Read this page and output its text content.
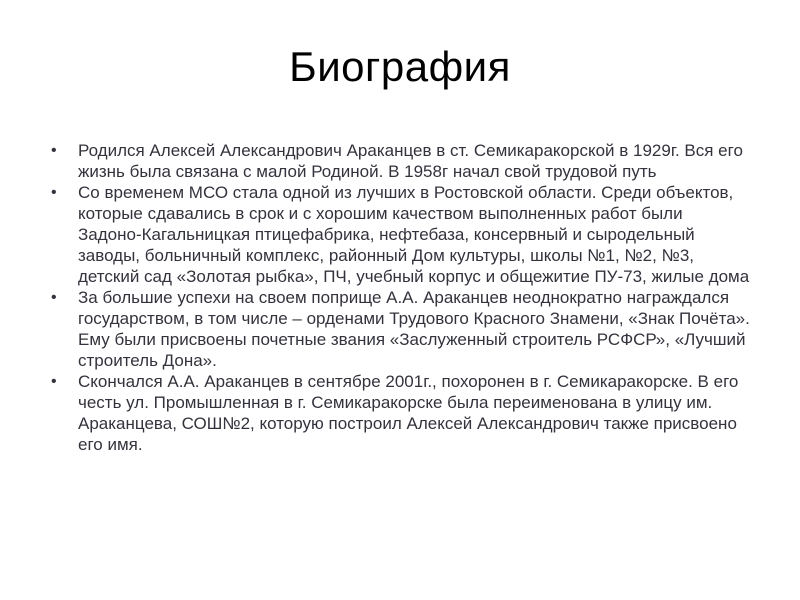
Биография
•	Родился Алексей Александрович Араканцев в ст. Семикаракорской в 1929г. Вся его жизнь была связана с малой Родиной. В 1958г начал свой трудовой путь
•	Со временем МСО стала одной из лучших в Ростовской области. Среди объектов, которые сдавались в срок и с хорошим качеством выполненных работ были Задоно-Кагальницкая птицефабрика, нефтебаза, консервный и сыродельный заводы, больничный комплекс, районный Дом культуры, школы №1, №2, №3, детский сад «Золотая рыбка», ПЧ, учебный корпус и общежитие ПУ-73, жилые дома
•	За большие успехи на своем поприще А.А. Араканцев неоднократно награждался государством, в том числе – орденами Трудового Красного Знамени, «Знак Почёта». Ему были присвоены почетные звания «Заслуженный строитель РСФСР», «Лучший строитель Дона».
•	Скончался А.А. Араканцев в сентябре 2001г., похоронен в г. Семикаракорске. В его честь ул. Промышленная в г. Семикаракорске была переименована в улицу им. Араканцева, СОШ№2, которую построил Алексей Александрович также присвоено его имя.
